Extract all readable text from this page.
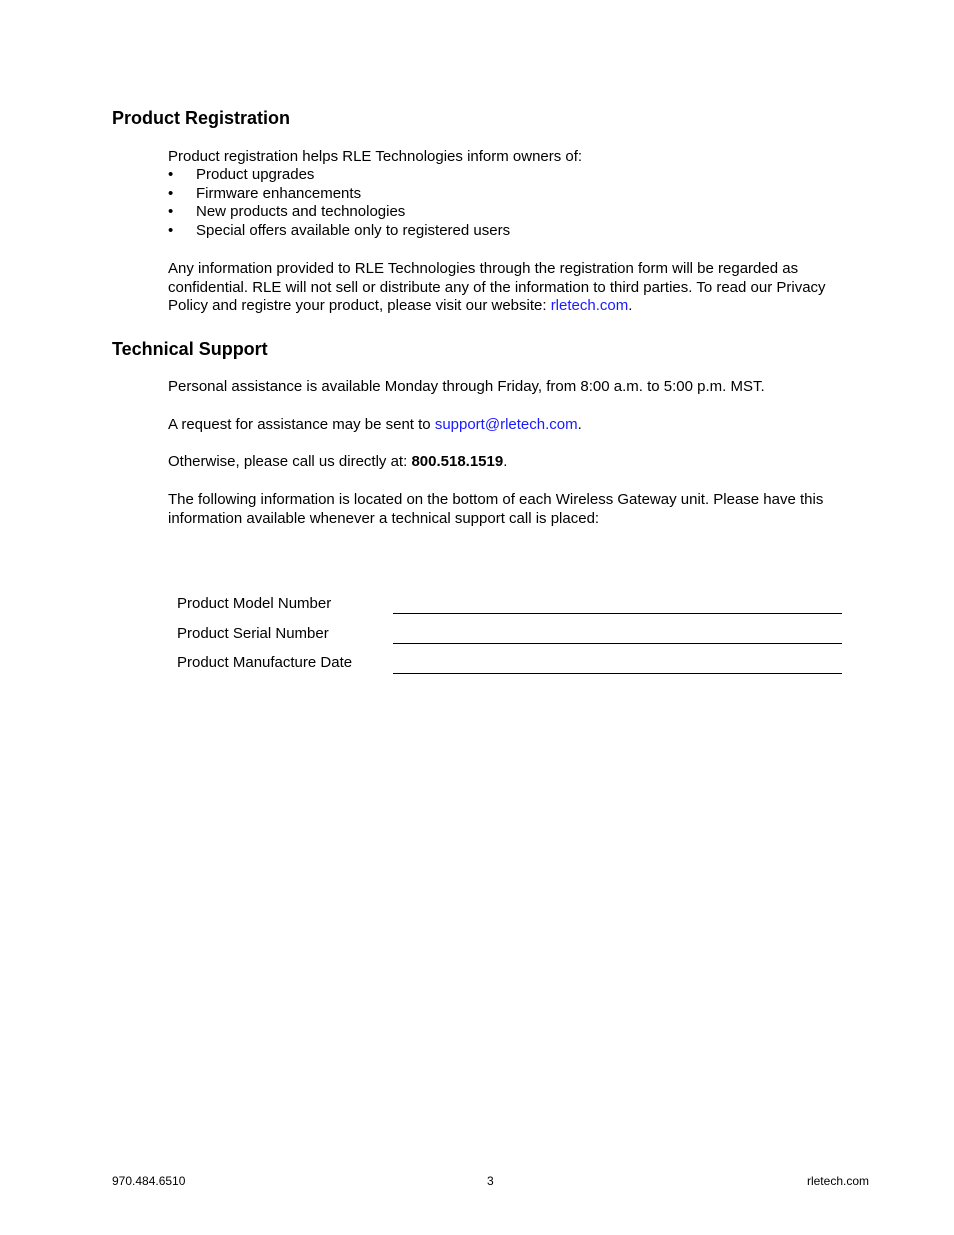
Product Registration

Product registration helps RLE Technologies inform owners of:

• Product upgrades
• Firmware enhancements
• New products and technologies
• Special offers available only to registered users

Any information provided to RLE Technologies through the registration form will be regarded as confidential. RLE will not sell or distribute any of the information to third parties. To read our Privacy Policy and registre your product, please visit our website: rletech.com.

Technical Support

Personal assistance is available Monday through Friday, from 8:00 a.m. to 5:00 p.m. MST.

A request for assistance may be sent to support@rletech.com.

Otherwise, please call us directly at: 800.518.1519.

The following information is located on the bottom of each Wireless Gateway unit. Please have this information available whenever a technical support call is placed:

Product Model Number
Product Serial Number
Product Manufacture Date
970.484.6510	3	rletech.com
